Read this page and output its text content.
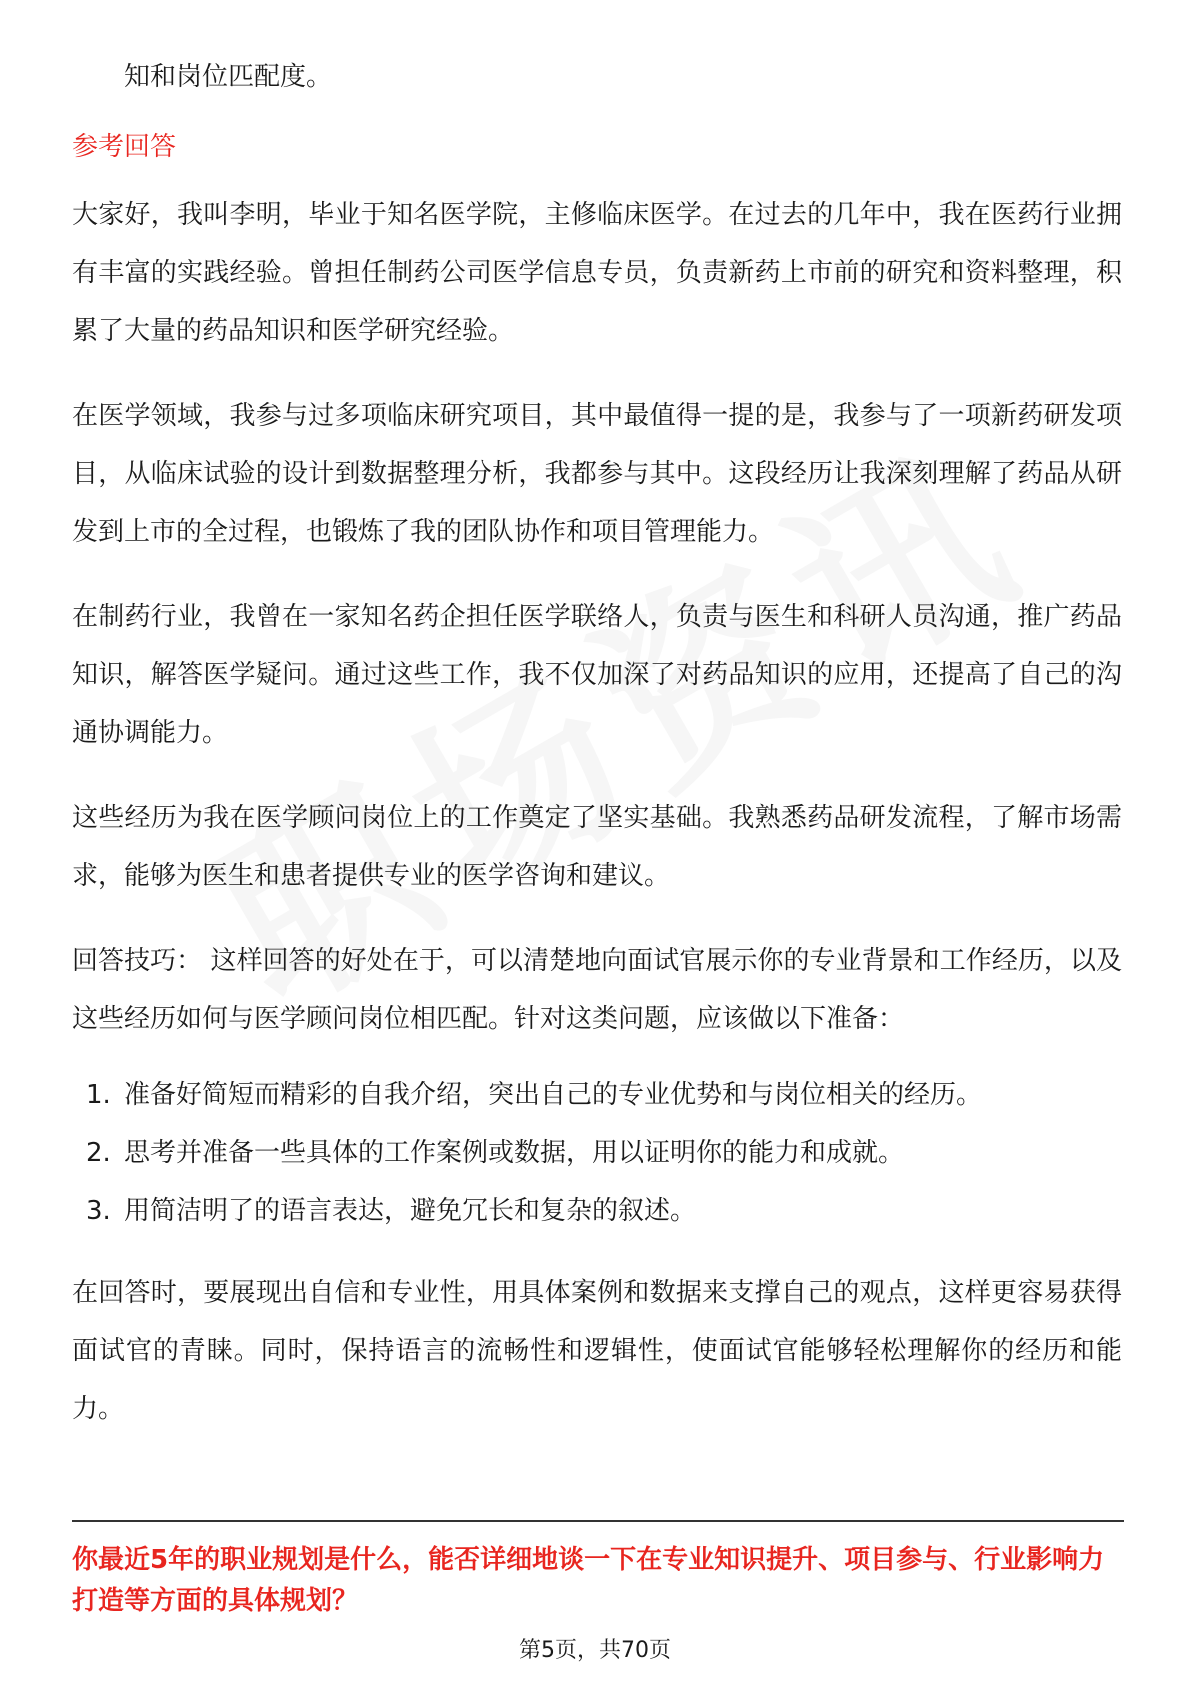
知和岗位匹配度。

参考回答

大家好，我叫李明，毕业于知名医学院，主修临床医学。在过去的几年中，我在医药行业拥有丰富的实践经验。曾担任制药公司医学信息专员，负责新药上市前的研究和资料整理，积累了大量的药品知识和医学研究经验。

在医学领域，我参与过多项临床研究项目，其中最值得一提的是，我参与了一项新药研发项目，从临床试验的设计到数据整理分析，我都参与其中。这段经历让我深刻理解了药品从研发到上市的全过程，也锻炼了我的团队协作和项目管理能力。

在制药行业，我曾在一家知名药企担任医学联络人，负责与医生和科研人员沟通，推广药品知识，解答医学疑问。通过这些工作，我不仅加深了对药品知识的应用，还提高了自己的沟通协调能力。

这些经历为我在医学顾问岗位上的工作奠定了坚实基础。我熟悉药品研发流程，了解市场需求，能够为医生和患者提供专业的医学咨询和建议。

回答技巧： 这样回答的好处在于，可以清楚地向面试官展示你的专业背景和工作经历，以及这些经历如何与医学顾问岗位相匹配。针对这类问题，应该做以下准备：

1. 准备好简短而精彩的自我介绍，突出自己的专业优势和与岗位相关的经历。
2. 思考并准备一些具体的工作案例或数据，用以证明你的能力和成就。
3. 用简洁明了的语言表达，避免冗长和复杂的叙述。

在回答时，要展现出自信和专业性，用具体案例和数据来支撑自己的观点，这样更容易获得面试官的青睐。同时，保持语言的流畅性和逻辑性，使面试官能够轻松理解你的经历和能力。

你最近5年的职业规划是什么，能否详细地谈一下在专业知识提升、项目参与、行业影响力打造等方面的具体规划？

第5页，共70页
